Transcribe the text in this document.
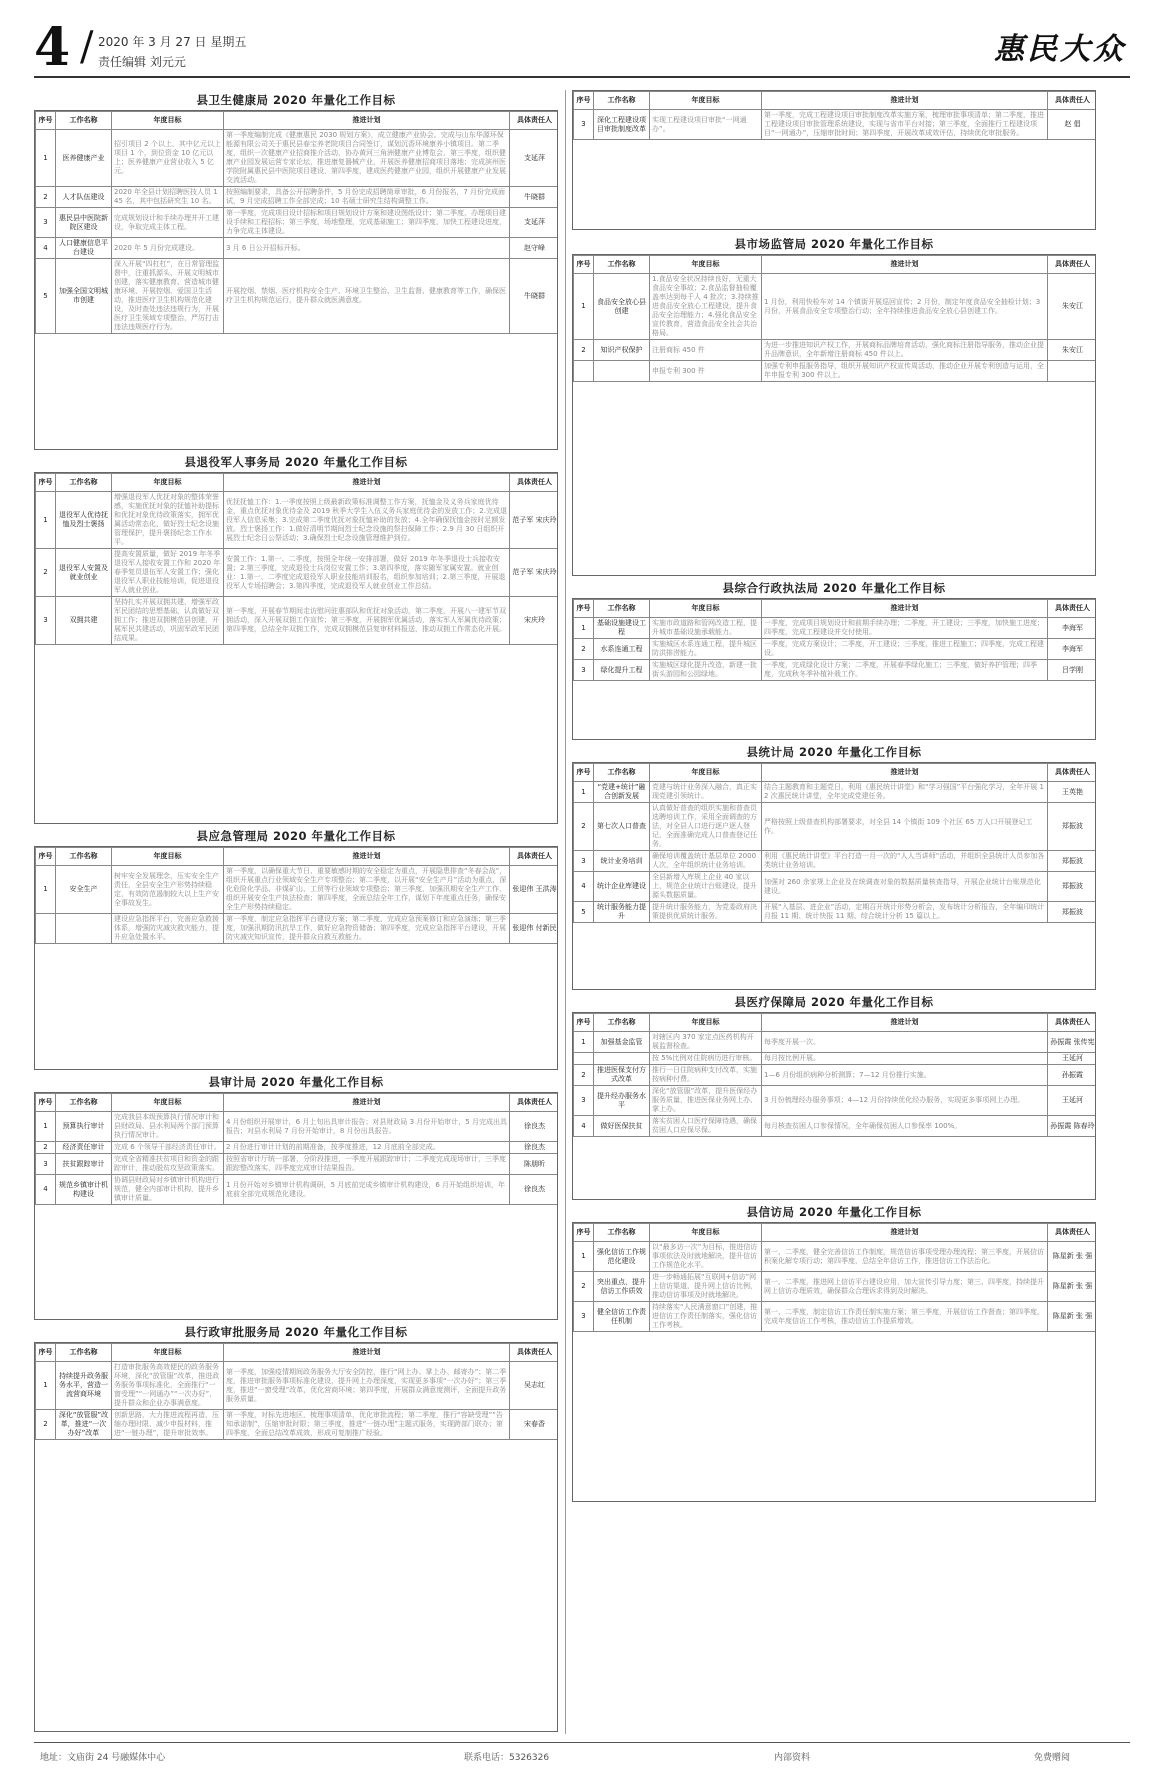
4 / 2020 年 3 月 27 日 星期五
责任编辑 刘元元	惠民大众
县卫生健康局 2020 年量化工作目标
序号	工作名称	年度目标	推进计划	具体责任人
1	医养健康产业	招引项目 2 个以上，其中亿元以上项目 1 个，到位资金 10 亿元以上；医养健康产业营业收入 5 亿元。	第一季度编制完成《健康惠民 2030 规划方案》，成立健康产业协会。完成与山东华源环保能源有限公司关于惠民县春宝养老院项目合同签订，谋划沉香环境康养小镇项目。第二季度，组织一次健康产业招商推介活动，协办黄河三角洲健康产业博览会，第三季度，组织健康产业园发展运营专家论坛，推进康复器械产业，开展医养健康招商项目落地；完成滨州医学院附属惠民县中医院项目建设，第四季度，建成医药健康产业园，组织开展健康产业发展交流活动。	支延萍
2	人才队伍建设	2020 年全县计划招聘医技人员 145 名，其中包括研究生 10 名。	按照编制要求，具备公开招聘条件，5 月份完成招聘简章审批，6 月份报名，7 月份完成面试，9 月完成招聘工作全部完成；10 名硕士研究生结构调整工作。	牛晓群
3	惠民县中医院新院区建设	完成规划设计和手续办理并开工建设，争取完成主体工程。	第一季度，完成项目设计招标和项目规划设计方案和建设图纸设计；第二季度，办理项目建设手续和工程招标；第三季度，场地整理，完成基础施工；第四季度，加快工程建设进度，力争完成主体建设。	支延萍
4	人口健康信息平台建设	2020 年 5 月份完成建设。	3 月 6 日公开招标开标。	赵守峰
5	加强全国文明城市创建	深入开展“四杠杠”，在日常管理监督中，注重抓源头、开展文明城市创建，落实健康教育、营造城市健康环境，开展控烟、爱国卫生活动，推进医疗卫生机构规范化建设，及时查处违法违规行为，开展医疗卫生领域专项整治，严厉打击违法违规医疗行为。	开展控烟、禁烟、医疗机构安全生产、环境卫生整治、卫生监督、健康教育等工作，确保医疗卫生机构规范运行，提升群众就医满意度。	牛晓群
县退役军人事务局 2020 年量化工作目标
序号	工作名称	年度目标	推进计划	具体责任人
1	退役军人优待抚恤及烈士褒扬	增强退役军人优抚对象的整体荣誉感，实施优抚对象的抚恤补助提标和优抚对象优待政策落实，拥军优属活动常态化，做好烈士纪念设施管理保护，提升褒扬纪念工作水平。	优抚抚恤工作：1.一季度按照上级最新政策标准调整工作方案，抚恤金及义务兵家庭优待金，重点优抚对象优待金及 2019 秋季大学生入伍义务兵家庭优待金的发放工作；2.完成退役军人信息采集；3.完成第二季度优抚对象抚恤补助的发放；4.全年确保抚恤金按时足额发放。烈士褒扬工作：1.做好清明节期间烈士纪念设施的祭扫保障工作；2.9 月 30 日组织开展烈士纪念日公祭活动；3.确保烈士纪念设施管理维护到位。	范子军 宋庆玲
2	退役军人安置及就业创业	提高安置质量，做好 2019 年冬季退役军人接收安置工作和 2020 年春季复员退伍军人安置工作；强化退役军人职业技能培训，促进退役军人就业创业。	安置工作：1.第一、二季度，按照全年统一安排部署，做好 2019 年冬季退役士兵接收安置；2.第三季度，完成退役士兵岗位安置工作；3.第四季度，落实随军家属安置。就业创业：1.第一、二季度完成退役军人职业技能培训报名，组织参加培训；2.第三季度，开展退役军人专场招聘会；3.第四季度，完成退役军人就业创业工作总结。	范子军 宋庆玲
3	双拥共建	坚持扎实开展双拥共建，增强军政军民团结的思想基础，认真做好双拥工作；推进双拥模范县创建，开展军民共建活动，巩固军政军民团结成果。	第一季度，开展春节期间走访慰问驻惠部队和优抚对象活动，第二季度，开展八一建军节双拥活动，深入开展双拥工作宣传；第三季度，开展拥军优属活动，落实军人军属优待政策；第四季度，总结全年双拥工作，完成双拥模范县复审材料报送，推动双拥工作常态化开展。	宋庆玲
县应急管理局 2020 年量化工作目标
序号	工作名称	年度目标	推进计划	具体责任人
1	安全生产	树牢安全发展理念，压实安全生产责任，全县安全生产形势持续稳定，有效防范遏制较大以上生产安全事故发生。	第一季度，以确保重大节日、重要敏感时期的安全稳定为重点，开展隐患排查“冬春会战”，组织开展重点行业领域安全生产专项整治；第二季度，以开展“安全生产月”活动为重点，深化危险化学品、非煤矿山、工贸等行业领域专项整治；第三季度，加强汛期安全生产工作，组织开展安全生产执法检查；第四季度，全面总结全年工作，谋划下年度重点任务，确保安全生产形势持续稳定。	张迎伟 王洪涛
		建设应急指挥平台，完善应急救援体系，增强防灾减灾救灾能力，提升应急处置水平。	第一季度，制定应急指挥平台建设方案；第二季度，完成应急预案修订和应急演练；第三季度，加强汛期防汛抗旱工作，做好应急物资储备；第四季度，完成应急指挥平台建设，开展防灾减灾知识宣传，提升群众自救互救能力。	张迎伟 付新民
县审计局 2020 年量化工作目标
序号	工作名称	年度目标	推进计划	具体责任人
1	预算执行审计	完成我县本级预算执行情况审计和县财政局、县水利局两个部门预算执行情况审计。	4 月份组织开展审计，6 月上旬出具审计报告；对县财政局 3 月份开始审计，5 月完成出具报告；对县水利局 7 月份开始审计，8 月份出具报告。	徐良杰
2	经济责任审计	完成 6 个领导干部经济责任审计。	2 月份进行审计计划的前期准备，按季度推进，12 月底前全部完成。	徐良杰
3	扶贫跟踪审计	完成全省精准扶贫项目和资金的跟踪审计，推动脱贫攻坚政策落实。	按照省审计厅统一部署，分阶段推进，一季度开展跟踪审计；二季度完成现场审计，三季度跟踪整改落实，四季度完成审计结果报告。	陈朋昕
4	规范乡镇审计机构建设	协调县财政局对乡镇审计机构进行规范，健全内部审计机构，提升乡镇审计质量。	1 月份开始对乡镇审计机构调研，5 月底前完成乡镇审计机构建设，6 月开始组织培训，年底前全部完成规范化建设。	徐良杰
县行政审批服务局 2020 年量化工作目标
序号	工作名称	年度目标	推进计划	具体责任人
1	持续提升政务服务水平，营造一流营商环境	打造审批服务高效便民的政务服务环境，深化“放管服”改革，推进政务服务事项标准化，全面推行“一窗受理”“一网通办”“一次办好”，提升群众和企业办事满意度。	第一季度，加强疫情期间政务服务大厅安全防控，推行“网上办、掌上办、邮寄办”；第二季度，推进审批服务事项标准化建设，提升网上办理深度，实现更多事项“一次办好”；第三季度，推进“一窗受理”改革，优化营商环境；第四季度，开展群众满意度测评，全面提升政务服务质量。	吴志红
2	深化“放管服”改革，推进“一次办好”改革	创新思路，大力推进流程再造，压缩办理时限、减少申报材料，推进“一链办理”，提升审批效率。	第一季度，对标先进地区，梳理事项清单，优化审批流程；第二季度，推行“容缺受理”“告知承诺制”，压缩审批时限；第三季度，推进“一链办理”主题式服务，实现跨部门联办；第四季度，全面总结改革成效，形成可复制推广经验。	宋春香
序号	工作名称	年度目标	推进计划	具体责任人
3	深化工程建设项目审批制度改革	实现工程建设项目审批“一网通办”。	第一季度，完成工程建设项目审批制度改革实施方案，梳理审批事项清单；第二季度，推进工程建设项目审批管理系统建设，实现与省市平台对接；第三季度，全面推行工程建设项目“一网通办”，压缩审批时间；第四季度，开展改革成效评估，持续优化审批服务。	赵 倡
县市场监管局 2020 年量化工作目标
序号	工作名称	年度目标	推进计划	具体责任人
1	食品安全放心县创建	1.食品安全状况持续良好，无重大食品安全事故；2.食品监督抽检覆盖率达到每千人 4 批次；3.持续推进食品安全放心工程建设，提升食品安全治理能力；4.强化食品安全宣传教育，营造食品安全社会共治格局。	1 月份，利用快检车对 14 个镇街开展巡回宣传；2 月份，制定年度食品安全抽检计划；3 月份，开展食品安全专项整治行动；全年持续推进食品安全放心县创建工作。	朱安江
2	知识产权保护	注册商标 450 件	为进一步推进知识产权工作，开展商标品牌培育活动，强化商标注册指导服务，推动企业提升品牌意识，全年新增注册商标 450 件以上。	朱安江
		申报专利 300 件	加强专利申报服务指导，组织开展知识产权宣传周活动，推动企业开展专利创造与运用，全年申报专利 300 件以上。	
县综合行政执法局 2020 年量化工作目标
序号	工作名称	年度目标	推进计划	具体责任人
1	基础设施建设工程	实施市政道路和管网改造工程，提升城市基础设施承载能力。	一季度，完成项目规划设计和前期手续办理；二季度，开工建设；三季度，加快施工进度；四季度，完成工程建设并交付使用。	李海军
2	水系连通工程	实施城区水系连通工程，提升城区防洪排涝能力。	一季度，完成方案设计；二季度，开工建设；三季度，推进工程施工；四季度，完成工程建设。	李海军
3	绿化提升工程	实施城区绿化提升改造，新建一批街头游园和公园绿地。	一季度，完成绿化设计方案；二季度，开展春季绿化施工；三季度，做好养护管理；四季度，完成秋冬季补植补栽工作。	吕学刚
县统计局 2020 年量化工作目标
序号	工作名称	年度目标	推进计划	具体责任人
1	“党建+统计”融合创新发展	党建与统计业务深入融合，真正实现党建引领统计。	结合主题教育和主题党日，利用《惠民统计讲堂》和“学习强国”平台强化学习，全年开展 12 次惠民统计讲堂，全年完成党建任务。	王英艳
2	第七次人口普查	认真做好普查的组织实施和普查员选聘培训工作，采用全面调查的方法，对全县人口进行逐户逐人登记，全面准确完成人口普查登记任务。	严格按照上级普查机构部署要求，对全县 14 个镇街 109 个社区 65 万人口开展登记工作。	郑振波
3	统计业务培训	确保培训覆盖统计基层单位 2000 人次，全年组织统计业务培训。	利用《惠民统计讲堂》平台打造一月一次的“人人当讲师”活动，并组织全县统计人员参加各类统计业务培训。	郑振波
4	统计企业库建设	全县新增入库规上企业 40 家以上，规范企业统计台账建设，提升源头数据质量。	加强对 260 余家规上企业及在统调查对象的数据质量核查指导，开展企业统计台账规范化建设。	郑振波
5	统计服务能力提升	提升统计服务能力，为党委政府决策提供优质统计服务。	开展“入基层、进企业”活动，定期召开统计形势分析会，发布统计分析报告，全年编印统计月报 11 期、统计快报 11 期、综合统计分析 15 篇以上。	郑振波
县医疗保障局 2020 年量化工作目标
序号	工作名称	年度目标	推进计划	具体责任人
1	加强基金监管	对辖区内 370 家定点医药机构开展监督检查。	每季度开展一次。	孙振霞 张传宪
		按 5%比例对住院病历进行审核。	每月按比例开展。	王延河
2	推进医保支付方式改革	推行一日住院病种支付改革，实施按病种付费。	1—6 月份组织病种分析测算；7—12 月份推行实施。	孙振霞
3	提升经办服务水平	深化“放管服”改革，提升医保经办服务质量，推进医保业务网上办、掌上办。	3 月份梳理经办服务事项；4—12 月份持续优化经办服务，实现更多事项网上办理。	王延河
4	做好医保扶贫	落实贫困人口医疗保障待遇，确保贫困人口应保尽保。	每月核查贫困人口参保情况，全年确保贫困人口参保率 100%。	孙振霞 陈春玲
县信访局 2020 年量化工作目标
序号	工作名称	年度目标	推进计划	具体责任人
1	强化信访工作规范化建设	以“最多访一次”为目标，推进信访事项依法及时就地解决，提升信访工作规范化水平。	第一、二季度，健全完善信访工作制度，规范信访事项受理办理流程；第三季度，开展信访积案化解专项行动；第四季度，总结全年信访工作，推进信访工作法治化。	陈星新 张 强
2	突出重点，提升信访工作质效	进一步畅通拓展“互联网+信访”网上信访渠道，提升网上信访比例，推动信访事项及时就地解决。	第一、二季度，推进网上信访平台建设应用，加大宣传引导力度；第三、四季度，持续提升网上信访办理质效，确保群众合理诉求得到及时解决。	陈星新 张 强
3	健全信访工作责任机制	持续落实“人民满意窗口”创建，推进信访工作责任制落实，强化信访工作考核。	第一、二季度，制定信访工作责任制实施方案；第三季度，开展信访工作督查；第四季度，完成年度信访工作考核，推动信访工作提质增效。	陈星新 张 强
地址：文庙街 24 号融媒体中心	联系电话：5326326	内部资料	免费赠阅
